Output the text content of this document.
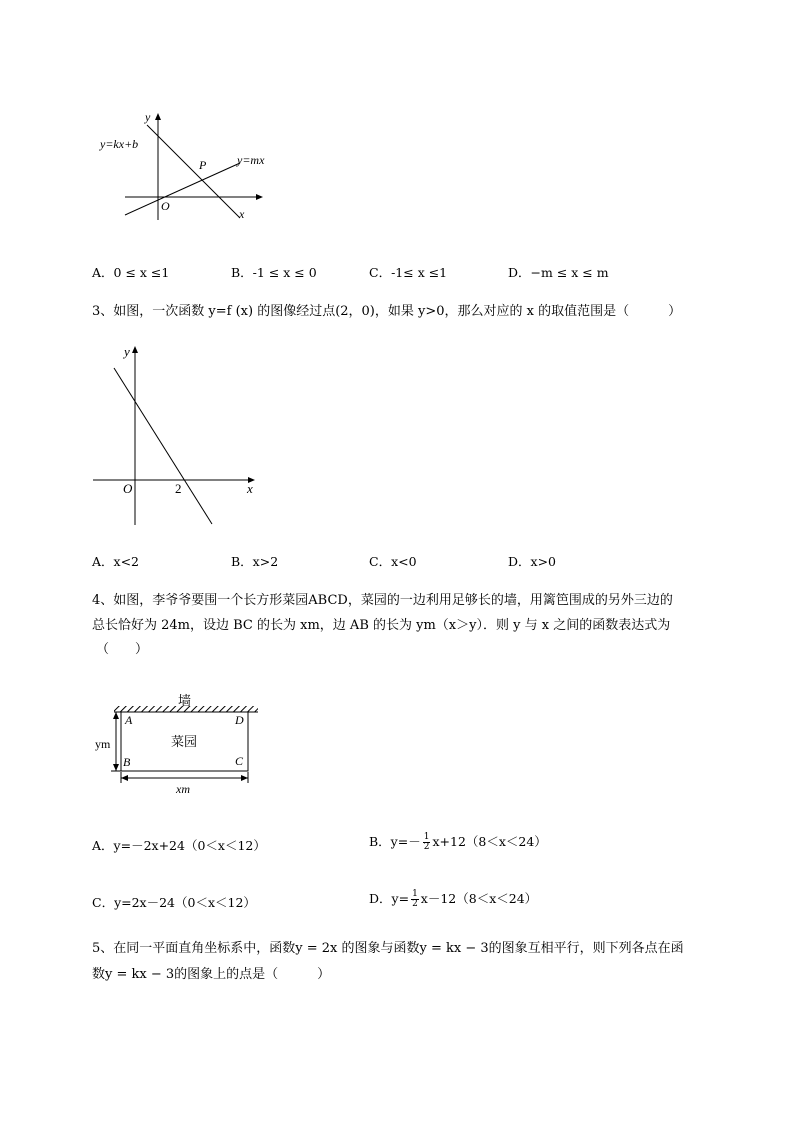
y
x
O
P
y=kx+b
y=mx
A．0 ≤ x ≤1	B．-1 ≤ x ≤ 0	C．-1≤ x ≤1	D．−m ≤ x ≤ m
3、如图，一次函数 y=f (x) 的图像经过点(2，0)，如果 y>0，那么对应的 x 的取值范围是（　　　）
y
x
O	2
A．x<2	B．x>2	C．x<0	D．x>0
4、如图，李爷爷要围一个长方形菜园ABCD，菜园的一边利用足够长的墙，用篱笆围成的另外三边的
总长恰好为 24m，设边 BC 的长为 xm，边 AB 的长为 ym（x＞y）．则 y 与 x 之间的函数表达式为
（　　）
墙
菜园
A	D
B	C
ym
xm
A．y=－2x+24（0＜x＜12）	B．$y=- \frac{1}{2} x+12(8<x<24)$
C．y=2x－24（0＜x＜12）	D．$y= \frac{1}{2} x-12(8<x<24)$
5、在同一平面直角坐标系中，函数y = 2x 的图象与函数y = kx − 3的图象互相平行，则下列各点在函
数y = kx − 3的图象上的点是（　　　）
